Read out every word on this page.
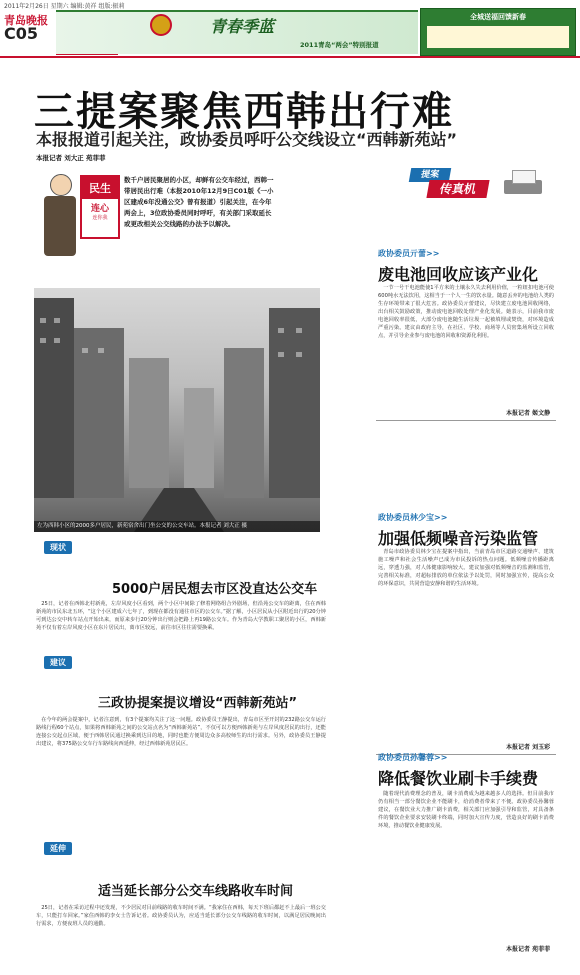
2011年2月26日 星期六 编辑:黄祥 组版:振莉
青岛晚报
C05	青春季蓝
2011青岛“两会”特别报道
全城送福回馈新春
三提案聚焦西韩出行难
本报报道引起关注，政协委员呼吁公交线设立“西韩新苑站”
本报记者 刘大正 苑菲菲
民生
连心
连你我
数千户居民聚居的小区，却鲜有公交车经过，西韩一带居民出行难（本报2010年12月9日C01版《一小区建成6年没通公交》曾有报道）引起关注，在今年两会上，3位政协委员同时呼吁，有关部门采取延长或更改相关公交线路的办法予以解决。
左为西韩小区的2000多户居民，新苑宿舍出门坐公交的公交车站。本报记者 刘大正 摄
现状
5000户居民想去市区没直达公交车

25日，记者在西韩北村新苑，左岸风度小区看到，两个小区中间除了修着网络组合外剧场，但沿苑公交车的距离，住在西韩新苑的市民东北五环，“这个小区建成六七年了，到现在都没有通往市区的公交车。”据了解，小区居民从小区附近出行的20分钟可到达公交中转车站点开始出来，而原来步行20分钟出行则会把路上再19路公交车。作为青岛大学教职工聚居的小区，西韩新苑不仅有着左岸风度小区在东片居民出，离市区较远，前往市区往往需要换乘。

建议
三政协提案提议增设“西韩新苑站”

在今年的两会提案中，记者注意到，有3个提案均关注了这一问题。政协委员王静提出，青岛市区至开封的232路公交车运行路线行程60个站点，如果将西韩新苑之间的公交站点名为“西韩新苑站”，不仅可以方便西韩新苑与左岸风度居民的出行，还能连接公交起点区域，便于西韩居民通过换乘到达目的地，同时也能方便周边众多高校师生的出行需求。另外，政协委员王静提出建议，将375路公交车行车路线向西延伸，经过西韩新苑居民区。

延伸
适当延长部分公交车线路收车时间

25日，记者在采访过程中还发现，不少居民对目前线路的收车时间不满。“我家住在西韩，每天下班后都赶不上最后一班公交车，只能打车回家。”家住西韩的李女士告诉记者。政协委员认为，应适当延长部分公交车线路的收车时间，以满足居民晚间出行需求，方便夜班人员的通勤。

提案
传真机
政协委员亓蕾>>
废电池回收应该产业化

一节一号干电池能使1平方米的土壤永久失去利用价值，一粒纽扣电池可使600吨水无法饮用，这相当于一个人一生的饮水量。随意丢弃的电池给人类的生存环境带来了很大危害。政协委员亓蕾建议，尽快建立废电池回收网络，出台相关鼓励政策，推动废电池回收处理产业化发展。她表示，目前我市废电池回收率很低，大部分废电池随生活垃圾一起被填埋或焚烧，对环境造成严重污染。建议由政府主导，在社区、学校、商场等人员密集场所设立回收点，并引导企业参与废电池的回收和资源化利用。

本报记者 姬文静
政协委员林少宝>>
加强低频噪音污染监管

青岛市政协委员林少宝在提案中指出，当前青岛市区道路交通噪声、建筑施工噪声和社会生活噪声已成为市民投诉的热点问题。低频噪音传播距离远，穿透力强，对人体健康影响较大。建议加强对低频噪音的监测和监管，完善相关标准，对超标排放的单位依法予以处罚，同时加强宣传，提高公众的环保意识，共同营造安静和谐的生活环境。

本报记者 刘玉彩
政协委员孙馨蓉>>
降低餐饮业刷卡手续费

随着现代消费理念的普及，刷卡消费成为越来越多人的选择。但目前我市仍有相当一部分餐饮企业不能刷卡，给消费者带来了不便。政协委员孙馨蓉建议，在餐饮业大力推广刷卡消费，相关部门应加强引导和监管，对具备条件的餐饮企业要求安装刷卡终端，同时加大宣传力度，营造良好的刷卡消费环境，推动餐饮业健康发展。

本报记者 苑菲菲
